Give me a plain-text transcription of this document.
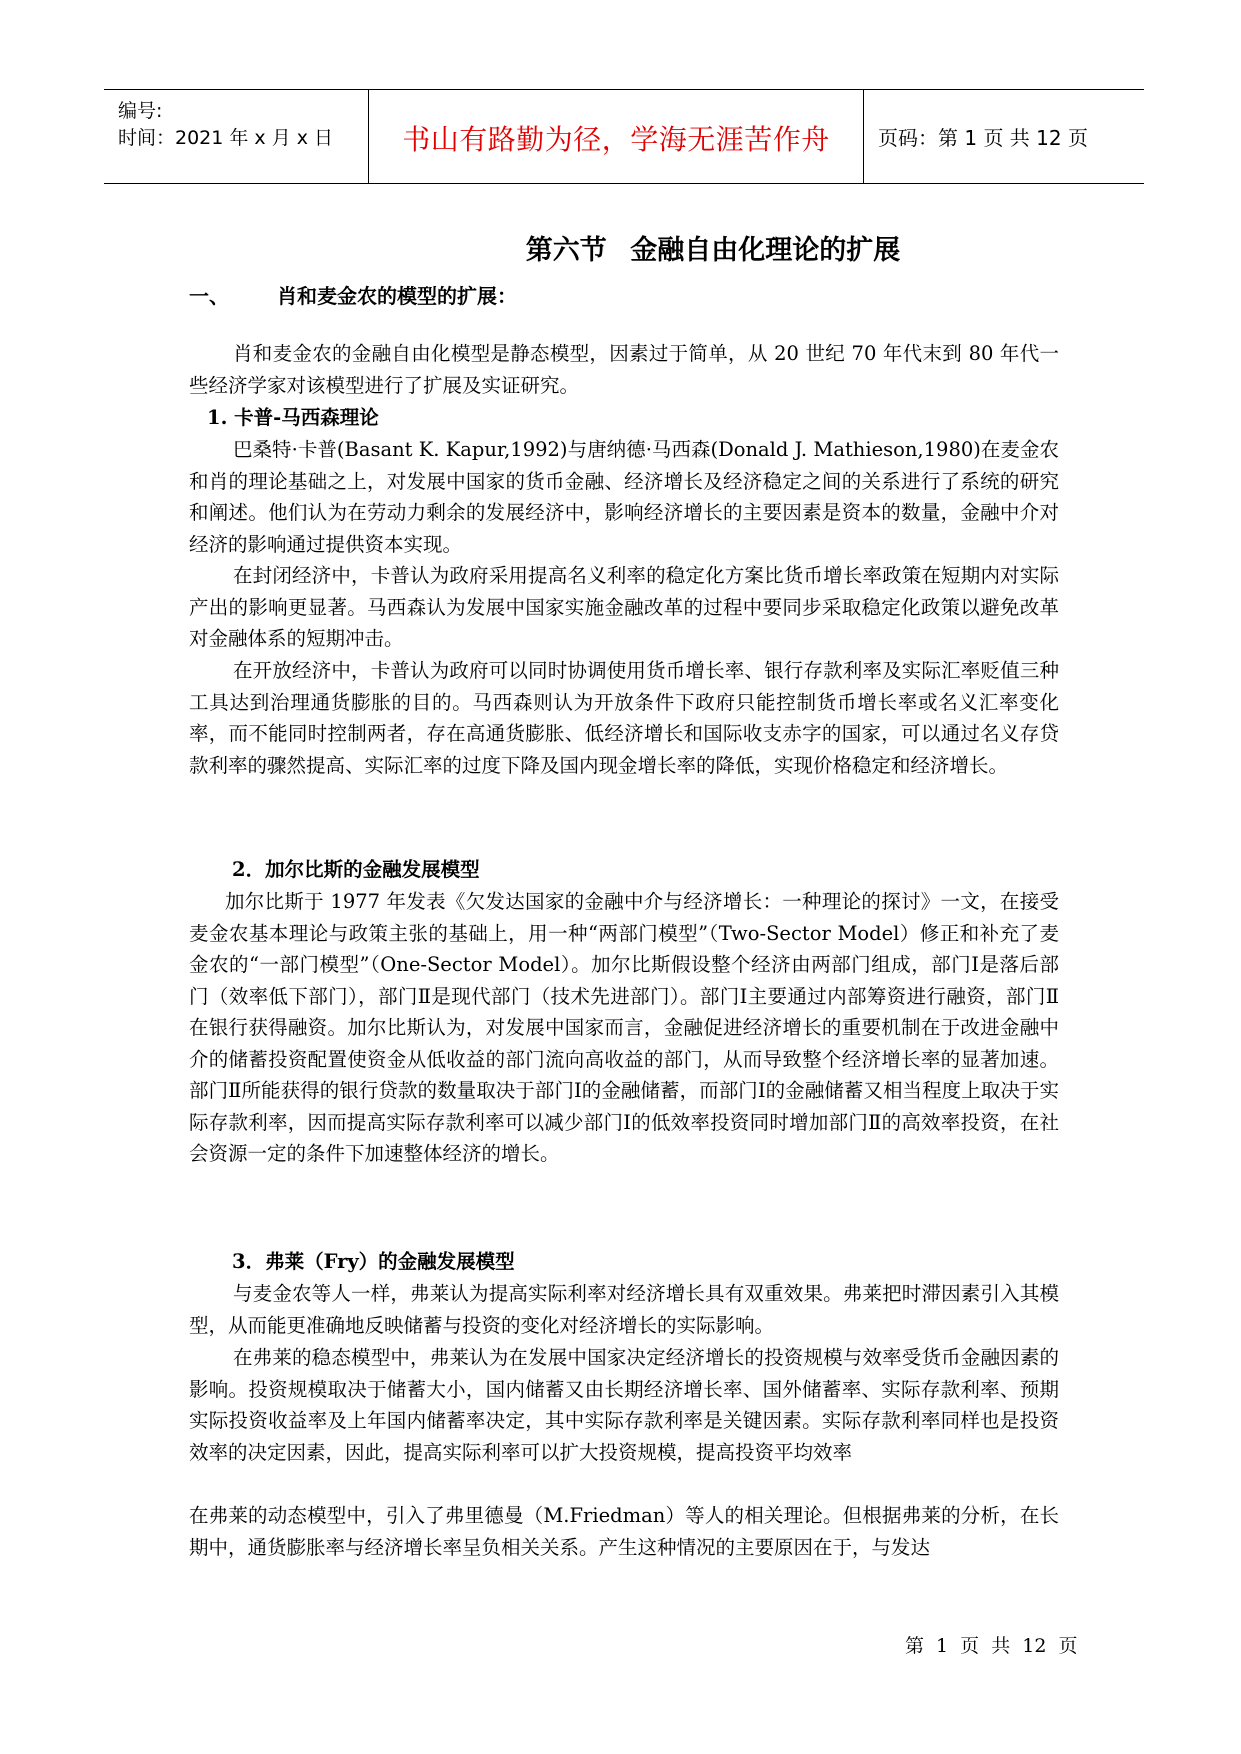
编号:
时间：2021 年 x 月 x 日	书山有路勤为径，学海无涯苦作舟	页码：第 1 页 共 12 页
第六节 金融自由化理论的扩展
一、 肖和麦金农的模型的扩展：

肖和麦金农的金融自由化模型是静态模型，因素过于简单，从 20 世纪 70 年代末到 80 年代一些经济学家对该模型进行了扩展及实证研究。

1. 卡普-马西森理论

巴桑特·卡普(Basant K. Kapur,1992)与唐纳德·马西森(Donald J. Mathieson,1980)在麦金农和肖的理论基础之上，对发展中国家的货币金融、经济增长及经济稳定之间的关系进行了系统的研究和阐述。他们认为在劳动力剩余的发展经济中，影响经济增长的主要因素是资本的数量，金融中介对经济的影响通过提供资本实现。

在封闭经济中，卡普认为政府采用提高名义利率的稳定化方案比货币增长率政策在短期内对实际产出的影响更显著。马西森认为发展中国家实施金融改革的过程中要同步采取稳定化政策以避免改革对金融体系的短期冲击。

在开放经济中，卡普认为政府可以同时协调使用货币增长率、银行存款利率及实际汇率贬值三种工具达到治理通货膨胀的目的。马西森则认为开放条件下政府只能控制货币增长率或名义汇率变化率，而不能同时控制两者，存在高通货膨胀、低经济增长和国际收支赤字的国家，可以通过名义存贷款利率的骤然提高、实际汇率的过度下降及国内现金增长率的降低，实现价格稳定和经济增长。

2．加尔比斯的金融发展模型

加尔比斯于 1977 年发表《欠发达国家的金融中介与经济增长：一种理论的探讨》一文，在接受麦金农基本理论与政策主张的基础上，用一种“两部门模型”（Two-Sector Model）修正和补充了麦金农的“一部门模型”（One-Sector Model）。加尔比斯假设整个经济由两部门组成，部门Ⅰ是落后部门（效率低下部门），部门Ⅱ是现代部门（技术先进部门）。部门Ⅰ主要通过内部筹资进行融资，部门Ⅱ在银行获得融资。加尔比斯认为，对发展中国家而言，金融促进经济增长的重要机制在于改进金融中介的储蓄投资配置使资金从低收益的部门流向高收益的部门，从而导致整个经济增长率的显著加速。部门Ⅱ所能获得的银行贷款的数量取决于部门Ⅰ的金融储蓄，而部门Ⅰ的金融储蓄又相当程度上取决于实际存款利率，因而提高实际存款利率可以减少部门Ⅰ的低效率投资同时增加部门Ⅱ的高效率投资，在社会资源一定的条件下加速整体经济的增长。

3．弗莱（Fry）的金融发展模型

与麦金农等人一样，弗莱认为提高实际利率对经济增长具有双重效果。弗莱把时滞因素引入其模型，从而能更准确地反映储蓄与投资的变化对经济增长的实际影响。

在弗莱的稳态模型中，弗莱认为在发展中国家决定经济增长的投资规模与效率受货币金融因素的影响。投资规模取决于储蓄大小，国内储蓄又由长期经济增长率、国外储蓄率、实际存款利率、预期实际投资收益率及上年国内储蓄率决定，其中实际存款利率是关键因素。实际存款利率同样也是投资效率的决定因素，因此，提高实际利率可以扩大投资规模，提高投资平均效率

在弗莱的动态模型中，引入了弗里德曼（M.Friedman）等人的相关理论。但根据弗莱的分析，在长期中，通货膨胀率与经济增长率呈负相关关系。产生这种情况的主要原因在于，与发达

第 1 页 共 12 页
